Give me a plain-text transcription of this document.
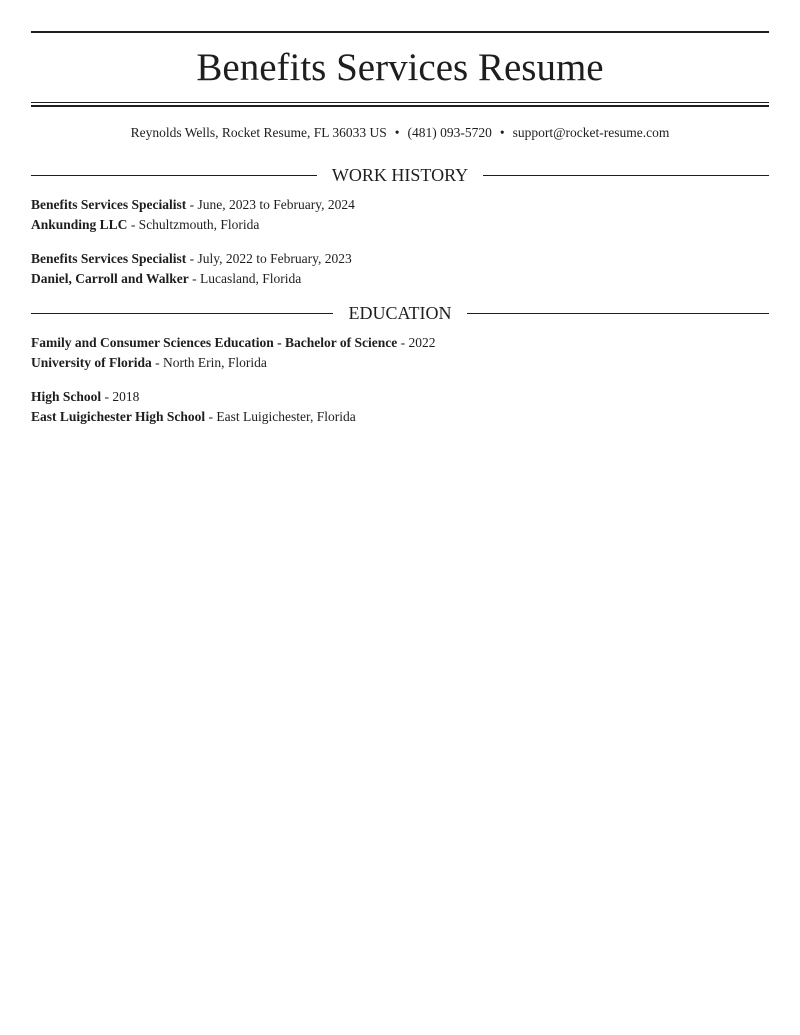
Benefits Services Resume
Reynolds Wells, Rocket Resume, FL 36033 US • (481) 093-5720 • support@rocket-resume.com
WORK HISTORY
Benefits Services Specialist - June, 2023 to February, 2024
Ankunding LLC - Schultzmouth, Florida
Benefits Services Specialist - July, 2022 to February, 2023
Daniel, Carroll and Walker - Lucasland, Florida
EDUCATION
Family and Consumer Sciences Education - Bachelor of Science - 2022
University of Florida - North Erin, Florida
High School - 2018
East Luigichester High School - East Luigichester, Florida
